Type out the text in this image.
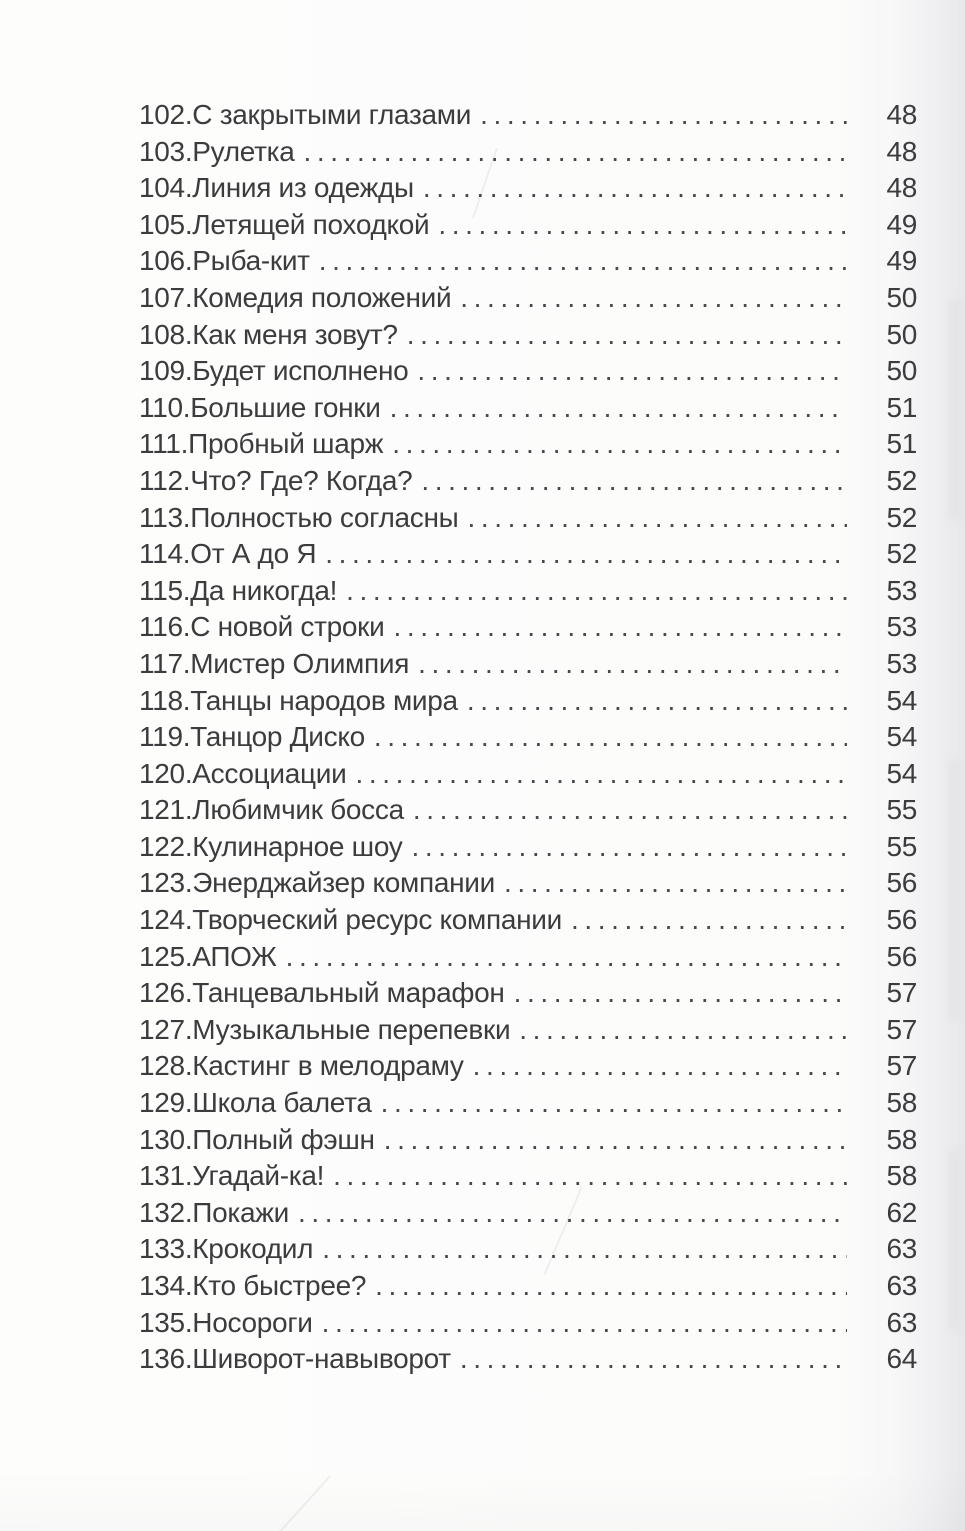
102.С закрытыми глазами .....	48
103.Рулетка .....	48
104.Линия из одежды .....	48
105.Летящей походкой .....	49
106.Рыба-кит .....	49
107.Комедия положений .....	50
108.Как меня зовут? .....	50
109.Будет исполнено .....	50
110.Большие гонки .....	51
111.Пробный шарж .....	51
112.Что? Где? Когда? .....	52
113.Полностью согласны .....	52
114.От А до Я .....	52
115.Да никогда! .....	53
116.С новой строки .....	53
117.Мистер Олимпия .....	53
118.Танцы народов мира .....	54
119.Танцор Диско .....	54
120.Ассоциации .....	54
121.Любимчик босса .....	55
122.Кулинарное шоу .....	55
123.Энерджайзер компании .....	56
124.Творческий ресурс компании .....	56
125.АПОЖ .....	56
126.Танцевальный марафон .....	57
127.Музыкальные перепевки .....	57
128.Кастинг в мелодраму .....	57
129.Школа балета .....	58
130.Полный фэшн .....	58
131.Угадай-ка! .....	58
132.Покажи .....	62
133.Крокодил .....	63
134.Кто быстрее? .....	63
135.Носороги .....	63
136.Шиворот-навыворот .....	64
